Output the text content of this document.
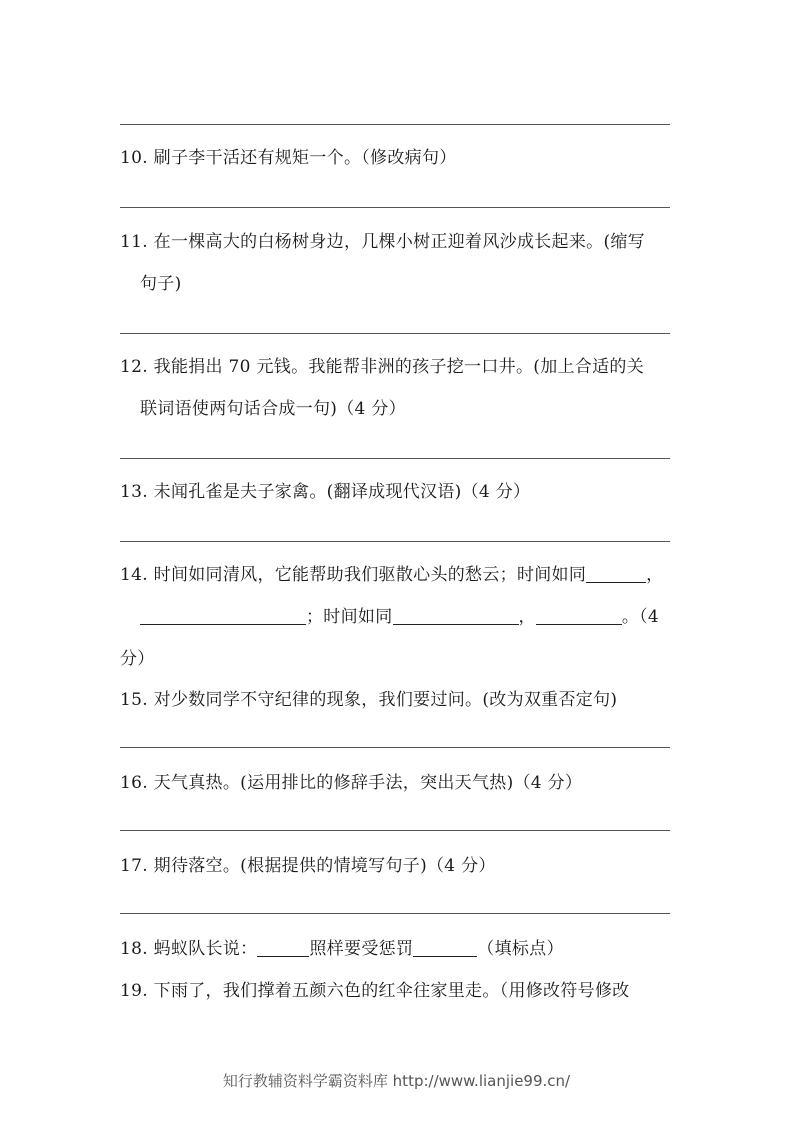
10. 刷子李干活还有规矩一个。（修改病句）
11. 在一棵高大的白杨树身边，几棵小树正迎着风沙成长起来。(缩写
句子)
12. 我能捐出 70 元钱。我能帮非洲的孩子挖一口井。(加上合适的关
联词语使两句话合成一句)（4 分）
13. 未闻孔雀是夫子家禽。(翻译成现代汉语)（4 分）
14. 时间如同清风，它能帮助我们驱散心头的愁云；时间如同	，
；时间如同	，	。（4
分）
15. 对少数同学不守纪律的现象，我们要过问。(改为双重否定句)
16. 天气真热。(运用排比的修辞手法，突出天气热)（4 分）
17. 期待落空。(根据提供的情境写句子)（4 分）
18. 蚂蚁队长说：	照样要受惩罚	（填标点）
19. 下雨了，我们撑着五颜六色的红伞往家里走。（用修改符号修改
知行教辅资料学霸资料库 http://www.lianjie99.cn/
